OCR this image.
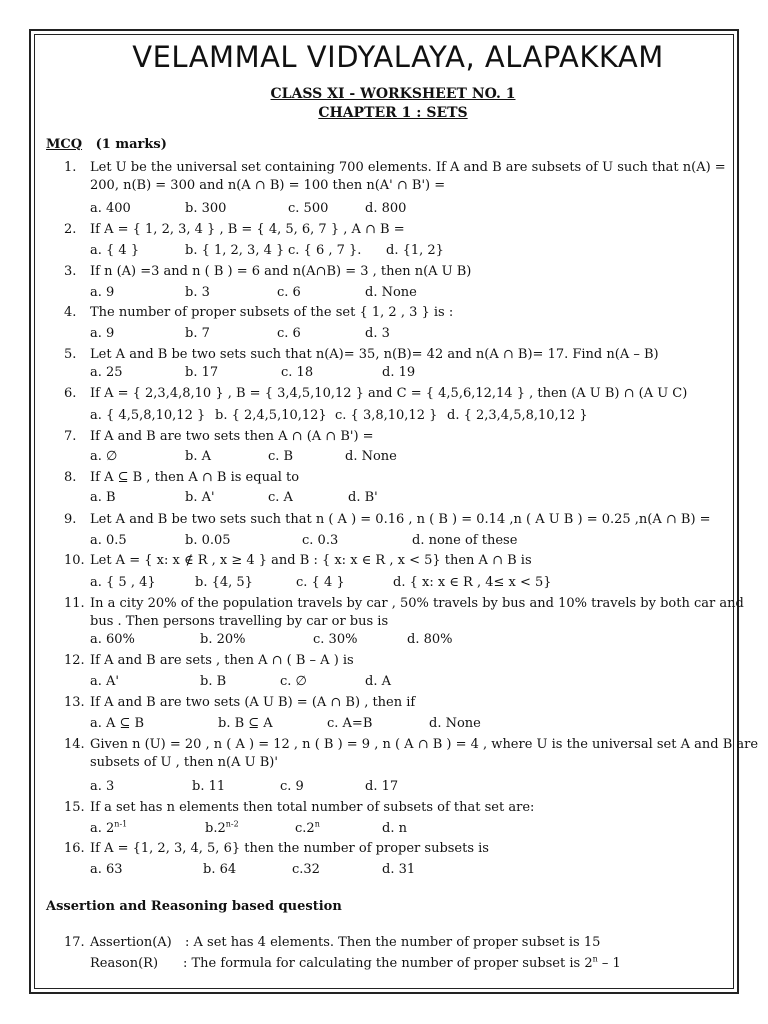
VELAMMAL VIDYALAYA, ALAPAKKAM
CLASS XI - WORKSHEET NO. 1
CHAPTER 1 : SETS
MCQ (1 marks)
1. Let U be the universal set containing 700 elements. If A and B are subsets of U such that n(A) =
200, n(B) = 300 and n(A ∩ B) = 100 then n(A' ∩ B') =
a. 400	b. 300	c. 500	d. 800
2. If A = { 1, 2, 3, 4 } , B = { 4, 5, 6, 7 } , A ∩ B =
a. { 4 }	b. { 1, 2, 3, 4 } c. { 6 , 7 }. d. {1, 2}
3. If n (A) =3 and n ( B ) = 6 and n(A∩B) = 3 , then n(A U B)
a. 9	b. 3	c. 6	d. None
4. The number of proper subsets of the set { 1, 2 , 3 } is :
a. 9	b. 7	c. 6	d. 3
5. Let A and B be two sets such that n(A)= 35, n(B)= 42 and n(A ∩ B)= 17. Find n(A – B)
a. 25	b. 17	c. 18	d. 19
6. If A = { 2,3,4,8,10 } , B = { 3,4,5,10,12 } and C = { 4,5,6,12,14 } , then (A U B) ∩ (A U C)
a. { 4,5,8,10,12 } b. { 2,4,5,10,12} c. { 3,8,10,12 } d. { 2,3,4,5,8,10,12 }
7. If A and B are two sets then A ∩ (A ∩ B') =
a. ∅	b. A	c. B	d. None
8. If A ⊆ B , then A ∩ B is equal to
a. B	b. A'	c. A	d. B'
9. Let A and B be two sets such that n ( A ) = 0.16 , n ( B ) = 0.14 ,n ( A U B ) = 0.25 ,n(A ∩ B) =
a. 0.5	b. 0.05	c. 0.3	d. none of these
10. Let A = { x: x ∉ R , x ≥ 4 } and B : { x: x ∈ R , x < 5} then A ∩ B is
a. { 5 , 4}	b. {4, 5}	c. { 4 }	d. { x: x ∈ R , 4≤ x < 5}
11. In a city 20% of the population travels by car , 50% travels by bus and 10% travels by both car and
bus . Then persons travelling by car or bus is
a. 60%	b. 20%	c. 30%	d. 80%
12. If A and B are sets , then A ∩ ( B – A ) is
a. A'	b. B	c. ∅	d. A
13. If A and B are two sets (A U B) = (A ∩ B) , then if
a. A ⊆ B	b. B ⊆ A	c. A=B	d. None
14. Given n (U) = 20 , n ( A ) = 12 , n ( B ) = 9 , n ( A ∩ B ) = 4 , where U is the universal set A and B are
subsets of U , then n(A U B)'
a. 3	b. 11	c. 9	d. 17
15. If a set has n elements then total number of subsets of that set are:
a. 2$^{n-1}$	b.2$^{n-2}$	c.2$^n$	d. n
16. If A = {1, 2, 3, 4, 5, 6} then the number of proper subsets is
a. 63	b. 64	c.32	d. 31
Assertion and Reasoning based question
17. Assertion(A) : A set has 4 elements. Then the number of proper subset is 15
Reason(R) : The formula for calculating the number of proper subset is 2$^n$ – 1
